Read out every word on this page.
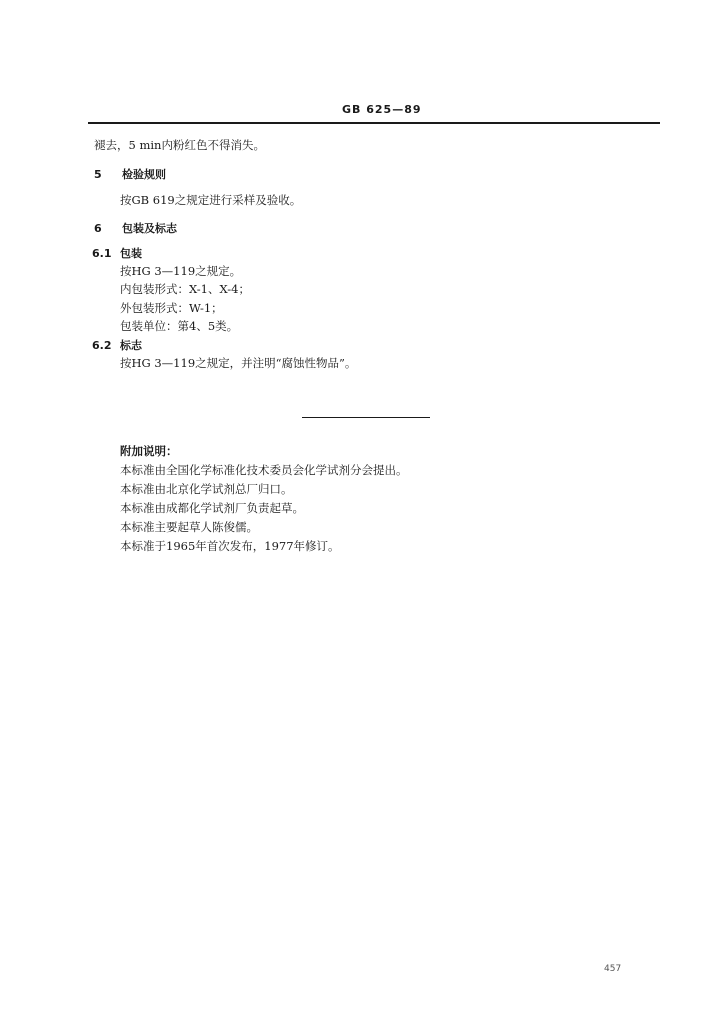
GB 625—89
褪去，5 min内粉红色不得消失。
5 检验规则
按GB 619之规定进行采样及验收。
6 包装及标志
6.1 包装
按HG 3—119之规定。
内包装形式：X-1、X-4；
外包装形式：W-1；
包装单位：第4、5类。
6.2 标志
按HG 3—119之规定，并注明“腐蚀性物品”。
附加说明：
本标准由全国化学标准化技术委员会化学试剂分会提出。
本标准由北京化学试剂总厂归口。
本标准由成都化学试剂厂负责起草。
本标准主要起草人陈俊儒。
本标准于1965年首次发布，1977年修订。
457
